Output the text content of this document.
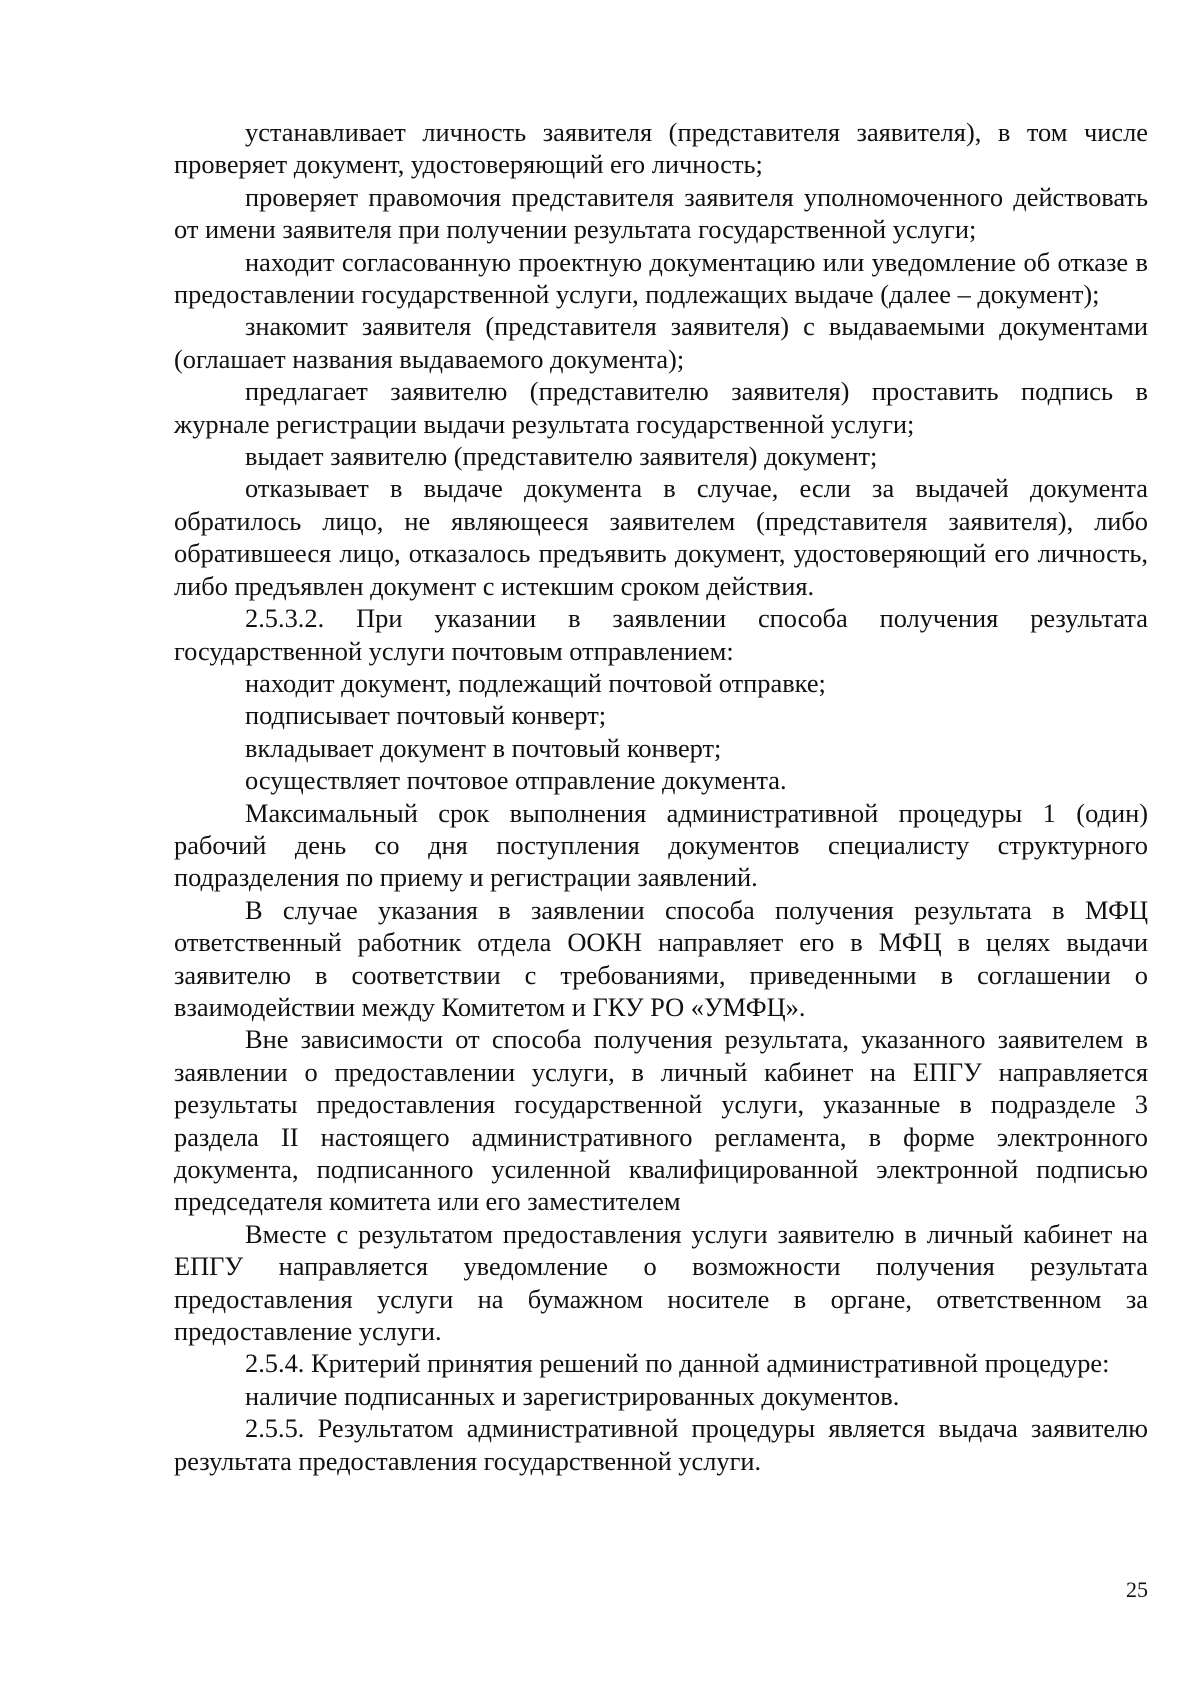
устанавливает личность заявителя (представителя заявителя), в том числе проверяет документ, удостоверяющий его личность;

проверяет правомочия представителя заявителя уполномоченного действовать от имени заявителя при получении результата государственной услуги;

находит согласованную проектную документацию или уведомление об отказе в предоставлении государственной услуги, подлежащих выдаче (далее – документ);

знакомит заявителя (представителя заявителя) с выдаваемыми документами (оглашает названия выдаваемого документа);

предлагает заявителю (представителю заявителя) проставить подпись в журнале регистрации выдачи результата государственной услуги;

выдает заявителю (представителю заявителя) документ;

отказывает в выдаче документа в случае, если за выдачей документа обратилось лицо, не являющееся заявителем (представителя заявителя), либо обратившееся лицо, отказалось предъявить документ, удостоверяющий его личность, либо предъявлен документ с истекшим сроком действия.

2.5.3.2. При указании в заявлении способа получения результата государственной услуги почтовым отправлением:

находит документ, подлежащий почтовой отправке;

подписывает почтовый конверт;

вкладывает документ в почтовый конверт;

осуществляет почтовое отправление документа.

Максимальный срок выполнения административной процедуры 1 (один) рабочий день со дня поступления документов специалисту структурного подразделения по приему и регистрации заявлений.

В случае указания в заявлении способа получения результата в МФЦ ответственный работник отдела ООКН направляет его в МФЦ в целях выдачи заявителю в соответствии с требованиями, приведенными в соглашении о взаимодействии между Комитетом и ГКУ РО «УМФЦ».

Вне зависимости от способа получения результата, указанного заявителем в заявлении о предоставлении услуги, в личный кабинет на ЕПГУ направляется результаты предоставления государственной услуги, указанные в подразделе 3 раздела II настоящего административного регламента, в форме электронного документа, подписанного усиленной квалифицированной электронной подписью председателя комитета или его заместителем

Вместе с результатом предоставления услуги заявителю в личный кабинет на ЕПГУ направляется уведомление о возможности получения результата предоставления услуги на бумажном носителе в органе, ответственном за предоставление услуги.

2.5.4. Критерий принятия решений по данной административной процедуре:

наличие подписанных и зарегистрированных документов.

2.5.5. Результатом административной процедуры является выдача заявителю результата предоставления государственной услуги.

25
